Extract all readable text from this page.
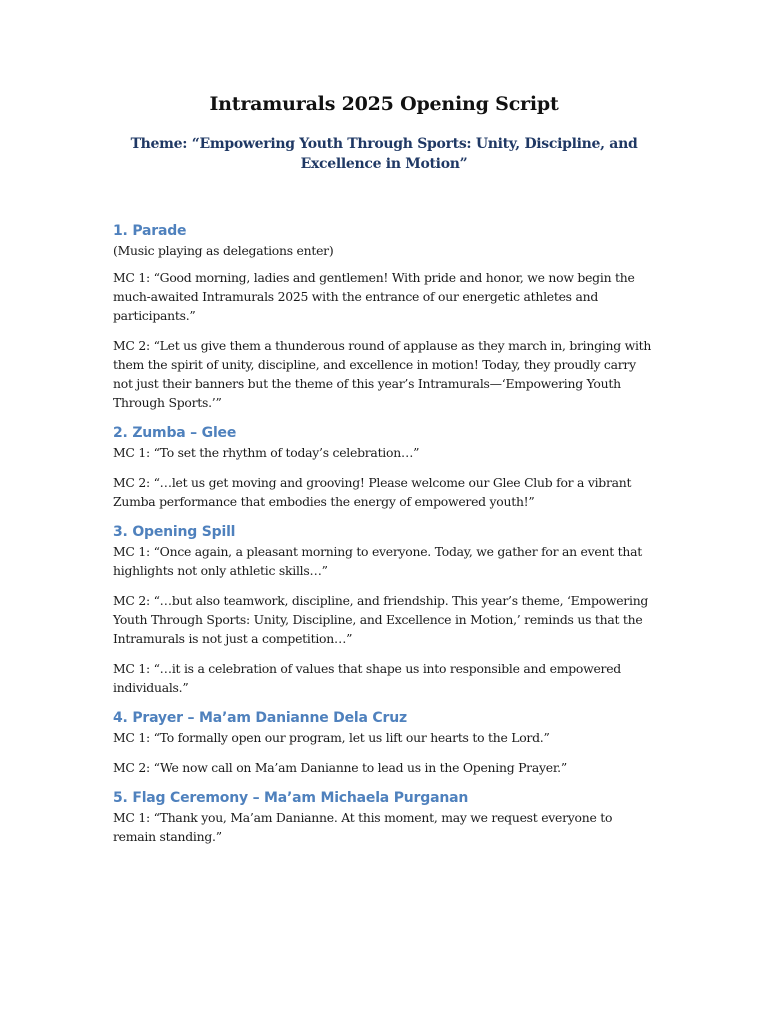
Intramurals 2025 Opening Script

Theme: “Empowering Youth Through Sports: Unity, Discipline, and Excellence in Motion”

1. Parade

(Music playing as delegations enter)

MC 1: “Good morning, ladies and gentlemen! With pride and honor, we now begin the much-awaited Intramurals 2025 with the entrance of our energetic athletes and participants.”

MC 2: “Let us give them a thunderous round of applause as they march in, bringing with them the spirit of unity, discipline, and excellence in motion! Today, they proudly carry not just their banners but the theme of this year’s Intramurals—‘Empowering Youth Through Sports.’”

2. Zumba – Glee

MC 1: “To set the rhythm of today’s celebration…”

MC 2: “…let us get moving and grooving! Please welcome our Glee Club for a vibrant Zumba performance that embodies the energy of empowered youth!”

3. Opening Spill

MC 1: “Once again, a pleasant morning to everyone. Today, we gather for an event that highlights not only athletic skills…”

MC 2: “…but also teamwork, discipline, and friendship. This year’s theme, ‘Empowering Youth Through Sports: Unity, Discipline, and Excellence in Motion,’ reminds us that the Intramurals is not just a competition…”

MC 1: “…it is a celebration of values that shape us into responsible and empowered individuals.”

4. Prayer – Ma’am Danianne Dela Cruz

MC 1: “To formally open our program, let us lift our hearts to the Lord.”

MC 2: “We now call on Ma’am Danianne to lead us in the Opening Prayer.”

5. Flag Ceremony – Ma’am Michaela Purganan

MC 1: “Thank you, Ma’am Danianne. At this moment, may we request everyone to remain standing.”
